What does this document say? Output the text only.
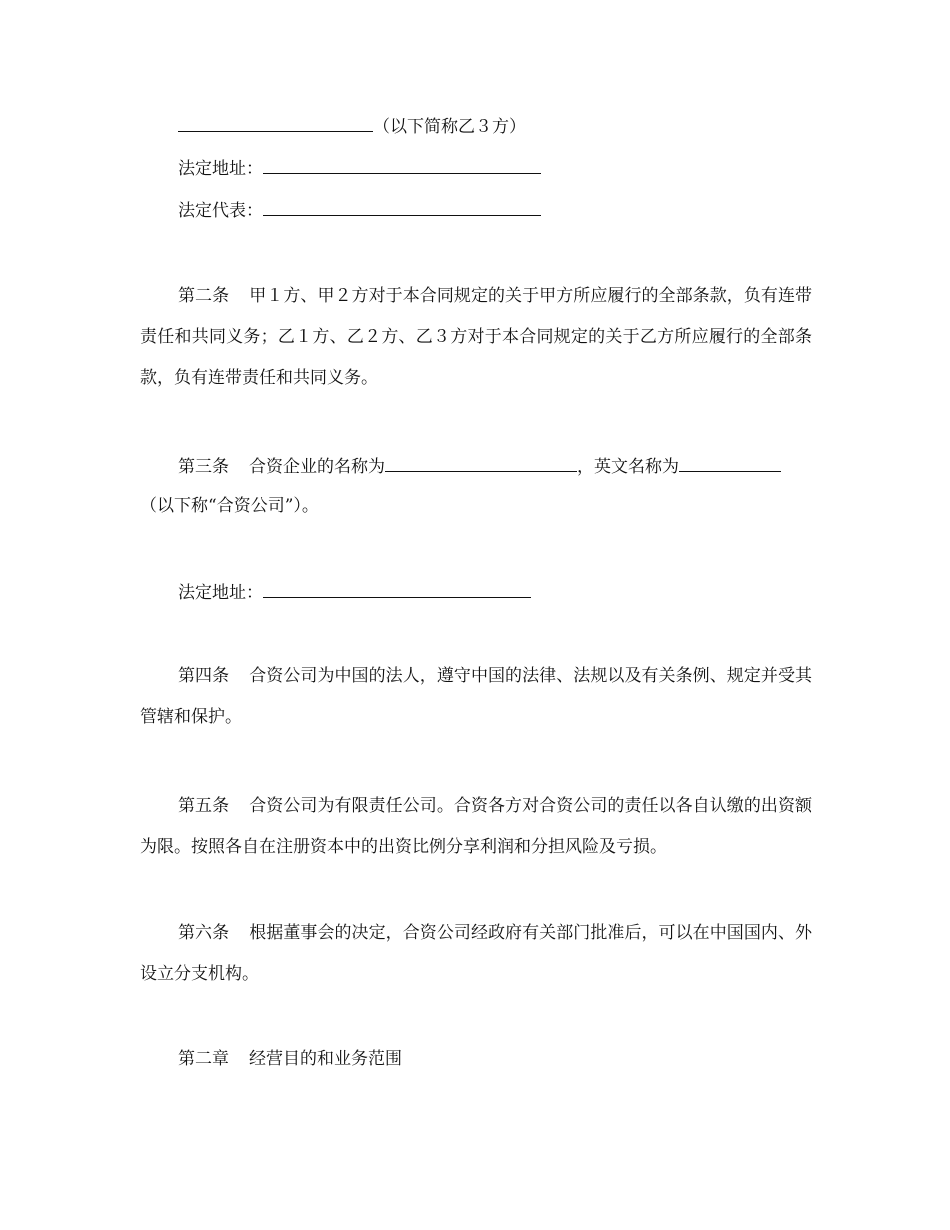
（以下简称乙３方）
法定地址：
法定代表：
第二条 甲１方、甲２方对于本合同规定的关于甲方所应履行的全部条款，负有连带责任和共同义务；乙１方、乙２方、乙３方对于本合同规定的关于乙方所应履行的全部条款，负有连带责任和共同义务。
第三条 合资企业的名称为	，英文名称为
（以下称“合资公司”）。
法定地址：
第四条 合资公司为中国的法人，遵守中国的法律、法规以及有关条例、规定并受其管辖和保护。
第五条 合资公司为有限责任公司。合资各方对合资公司的责任以各自认缴的出资额为限。按照各自在注册资本中的出资比例分享利润和分担风险及亏损。
第六条 根据董事会的决定，合资公司经政府有关部门批准后，可以在中国国内、外设立分支机构。
第二章 经营目的和业务范围
